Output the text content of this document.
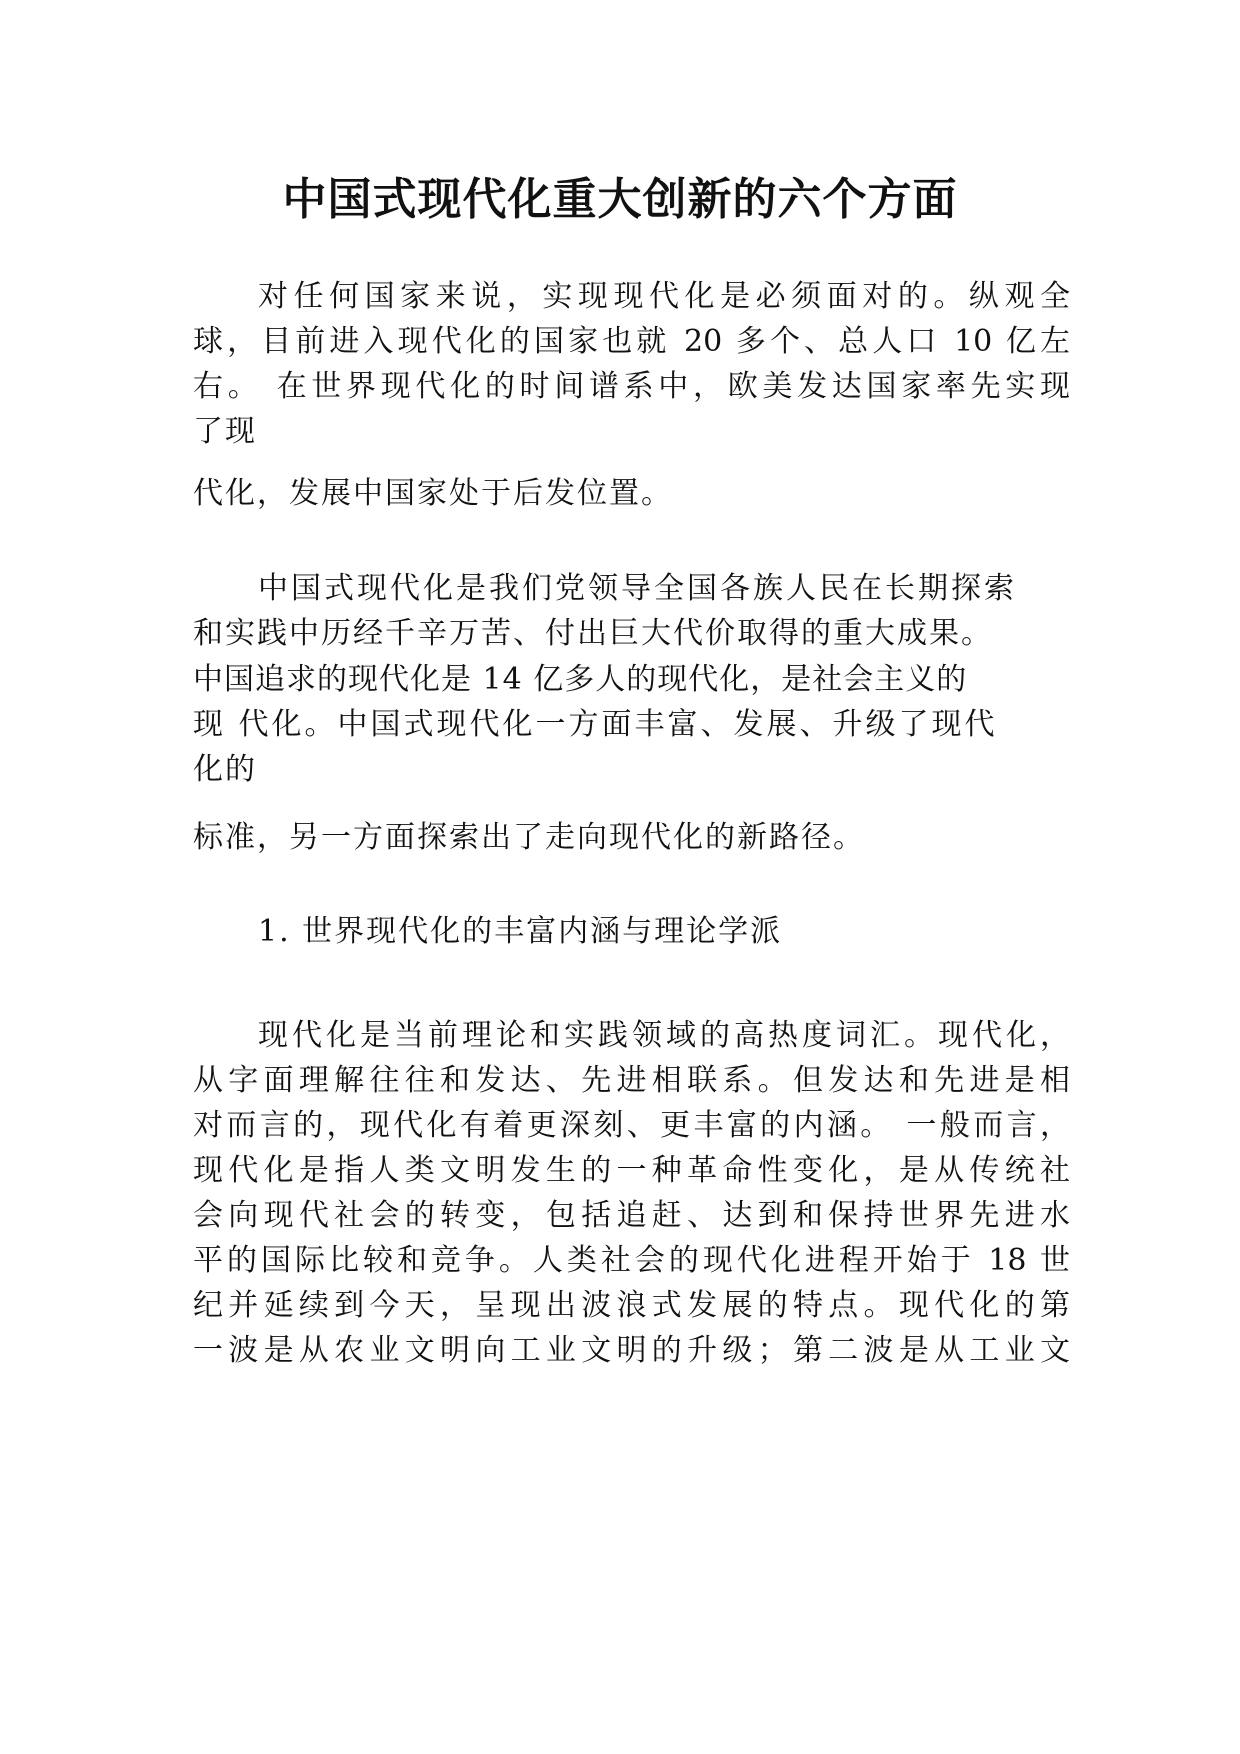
中国式现代化重大创新的六个方面
对任何国家来说，实现现代化是必须面对的。纵观全
球，目前进入现代化的国家也就 20 多个、总人口 10 亿左
右。 在世界现代化的时间谱系中，欧美发达国家率先实现
了现
代化，发展中国家处于后发位置。
中国式现代化是我们党领导全国各族人民在长期探索
和实践中历经千辛万苦、付出巨大代价取得的重大成果。
中国追求的现代化是 14 亿多人的现代化，是社会主义的
现 代化。中国式现代化一方面丰富、发展、升级了现代
化的
标准，另一方面探索出了走向现代化的新路径。
1. 世界现代化的丰富内涵与理论学派
现代化是当前理论和实践领域的高热度词汇。现代化，
从字面理解往往和发达、先进相联系。但发达和先进是相
对而言的，现代化有着更深刻、更丰富的内涵。 一般而言，
现代化是指人类文明发生的一种革命性变化，是从传统社
会向现代社会的转变，包括追赶、达到和保持世界先进水
平的国际比较和竞争。人类社会的现代化进程开始于 18 世
纪并延续到今天，呈现出波浪式发展的特点。现代化的第
一波是从农业文明向工业文明的升级；第二波是从工业文
